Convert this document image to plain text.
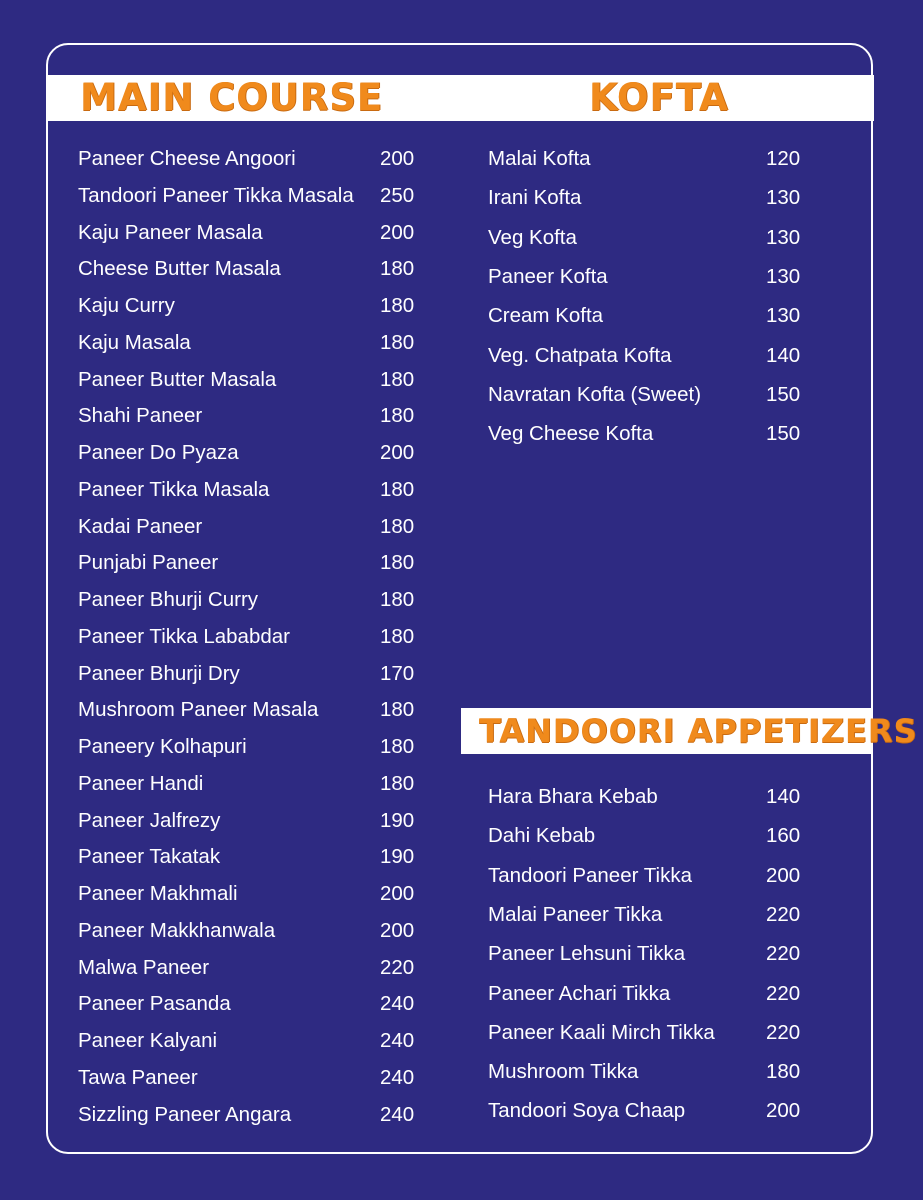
MAIN COURSE	KOFTA
TANDOORI APPETIZERS
Paneer Cheese Angoori	200
Tandoori Paneer Tikka Masala 250
Kaju Paneer Masala	200
Cheese Butter Masala	180
Kaju Curry	180
Kaju Masala	180
Paneer Butter Masala	180
Shahi Paneer	180
Paneer Do Pyaza	200
Paneer Tikka Masala	180
Kadai Paneer	180
Punjabi Paneer	180
Paneer Bhurji Curry	180
Paneer Tikka Lababdar	180
Paneer Bhurji Dry	170
Mushroom Paneer Masala	180
Paneery Kolhapuri	180
Paneer Handi	180
Paneer Jalfrezy	190
Paneer Takatak	190
Paneer Makhmali	200
Paneer Makkhanwala	200
Malwa Paneer	220
Paneer Pasanda	240
Paneer Kalyani	240
Tawa Paneer	240
Sizzling Paneer Angara	240
Malai Kofta	120
Irani Kofta	130
Veg Kofta	130
Paneer Kofta	130
Cream Kofta	130
Veg. Chatpata Kofta	140
Navratan Kofta (Sweet)	150
Veg Cheese Kofta	150
Hara Bhara Kebab	140
Dahi Kebab	160
Tandoori Paneer Tikka	200
Malai Paneer Tikka	220
Paneer Lehsuni Tikka	220
Paneer Achari Tikka	220
Paneer Kaali Mirch Tikka	220
Mushroom Tikka	180
Tandoori Soya Chaap	200
